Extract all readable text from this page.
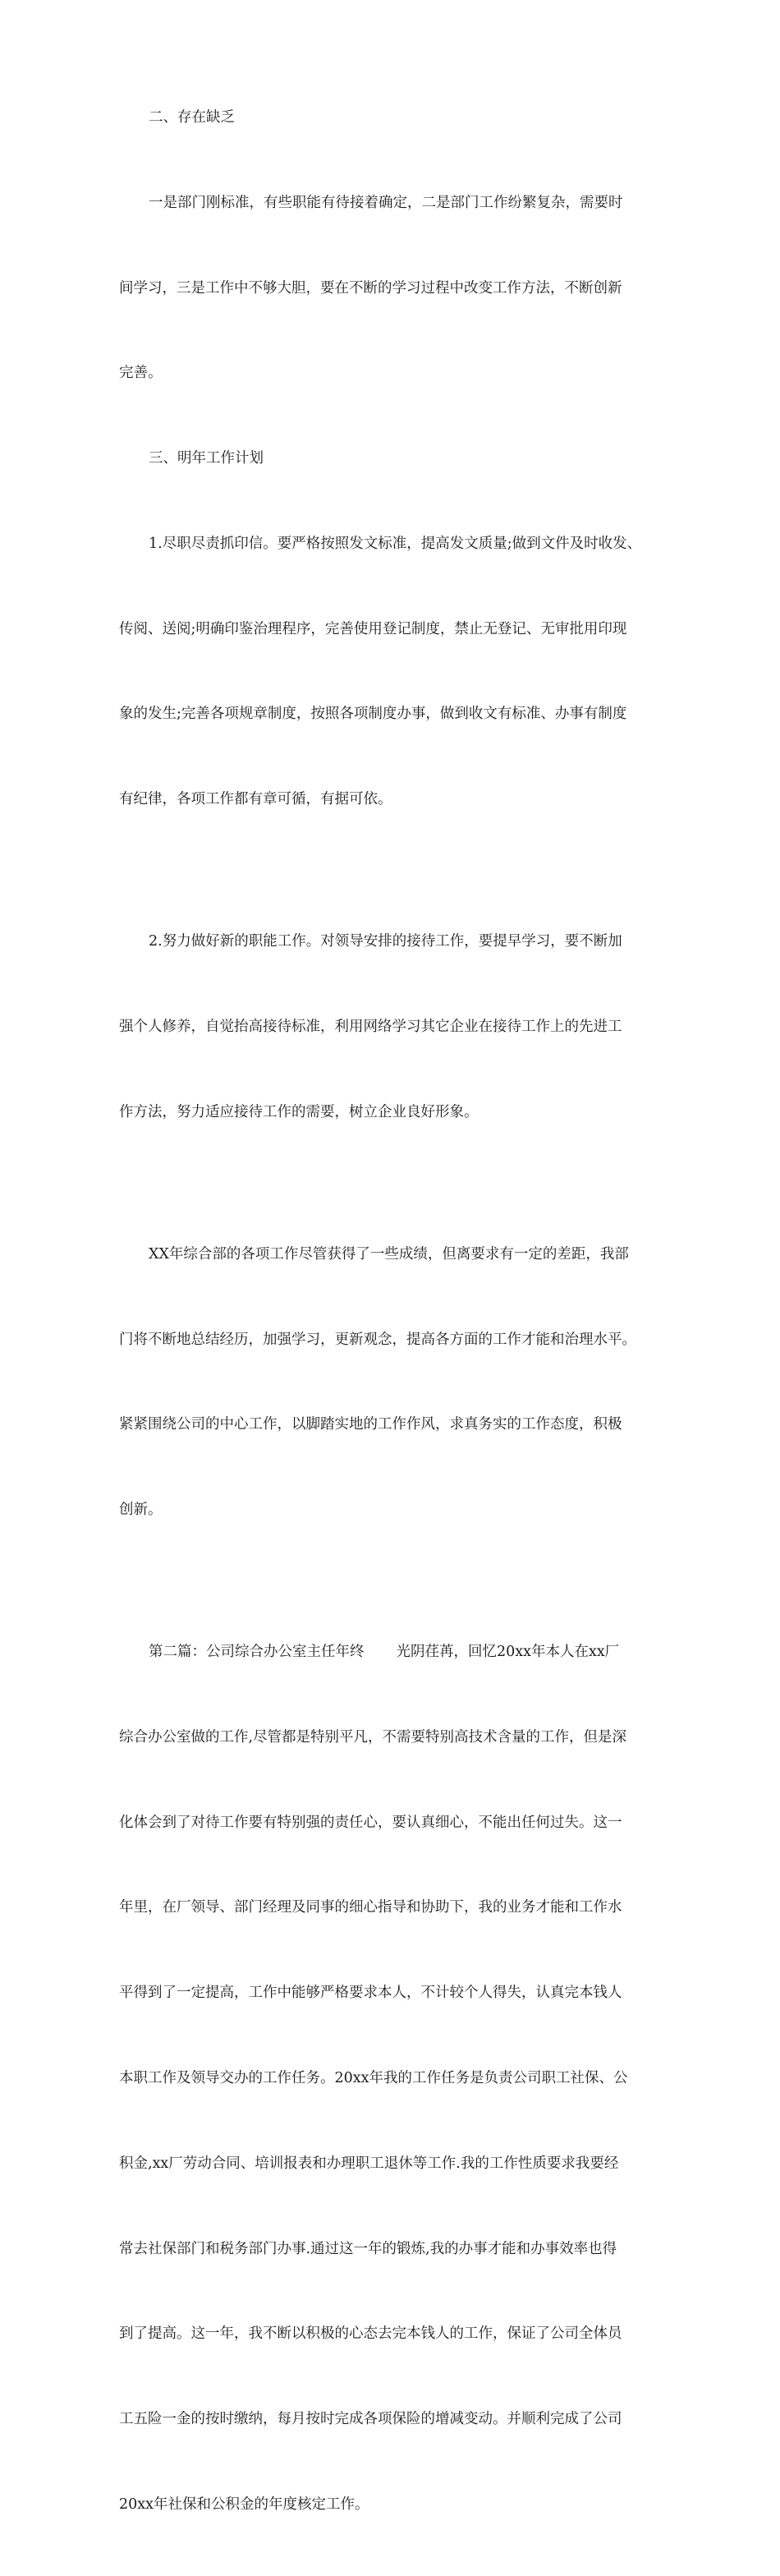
二、存在缺乏

一是部门刚标准，有些职能有待接着确定，二是部门工作纷繁复杂，需要时

间学习，三是工作中不够大胆，要在不断的学习过程中改变工作方法，不断创新

完善。

三、明年工作计划

1.尽职尽责抓印信。要严格按照发文标准，提高发文质量;做到文件及时收发、

传阅、送阅;明确印鉴治理程序，完善使用登记制度，禁止无登记、无审批用印现

象的发生;完善各项规章制度，按照各项制度办事，做到收文有标准、办事有制度

有纪律，各项工作都有章可循，有据可依。

2.努力做好新的职能工作。对领导安排的接待工作，要提早学习，要不断加

强个人修养，自觉抬高接待标准，利用网络学习其它企业在接待工作上的先进工

作方法，努力适应接待工作的需要，树立企业良好形象。

XX年综合部的各项工作尽管获得了一些成绩，但离要求有一定的差距，我部

门将不断地总结经历，加强学习，更新观念，提高各方面的工作才能和治理水平。

紧紧围绕公司的中心工作，以脚踏实地的工作作风，求真务实的工作态度，积极

创新。

第二篇：公司综合办公室主任年终       光阴荏苒，回忆20xx年本人在xx厂

综合办公室做的工作,尽管都是特别平凡，不需要特别高技术含量的工作，但是深

化体会到了对待工作要有特别强的责任心，要认真细心，不能出任何过失。这一

年里，在厂领导、部门经理及同事的细心指导和协助下，我的业务才能和工作水

平得到了一定提高，工作中能够严格要求本人，不计较个人得失，认真完本钱人

本职工作及领导交办的工作任务。20xx年我的工作任务是负责公司职工社保、公

积金,xx厂劳动合同、培训报表和办理职工退休等工作.我的工作性质要求我要经

常去社保部门和税务部门办事.通过这一年的锻炼,我的办事才能和办事效率也得

到了提高。这一年，我不断以积极的心态去完本钱人的工作，保证了公司全体员

工五险一金的按时缴纳，每月按时完成各项保险的增减变动。并顺利完成了公司

20xx年社保和公积金的年度核定工作。
